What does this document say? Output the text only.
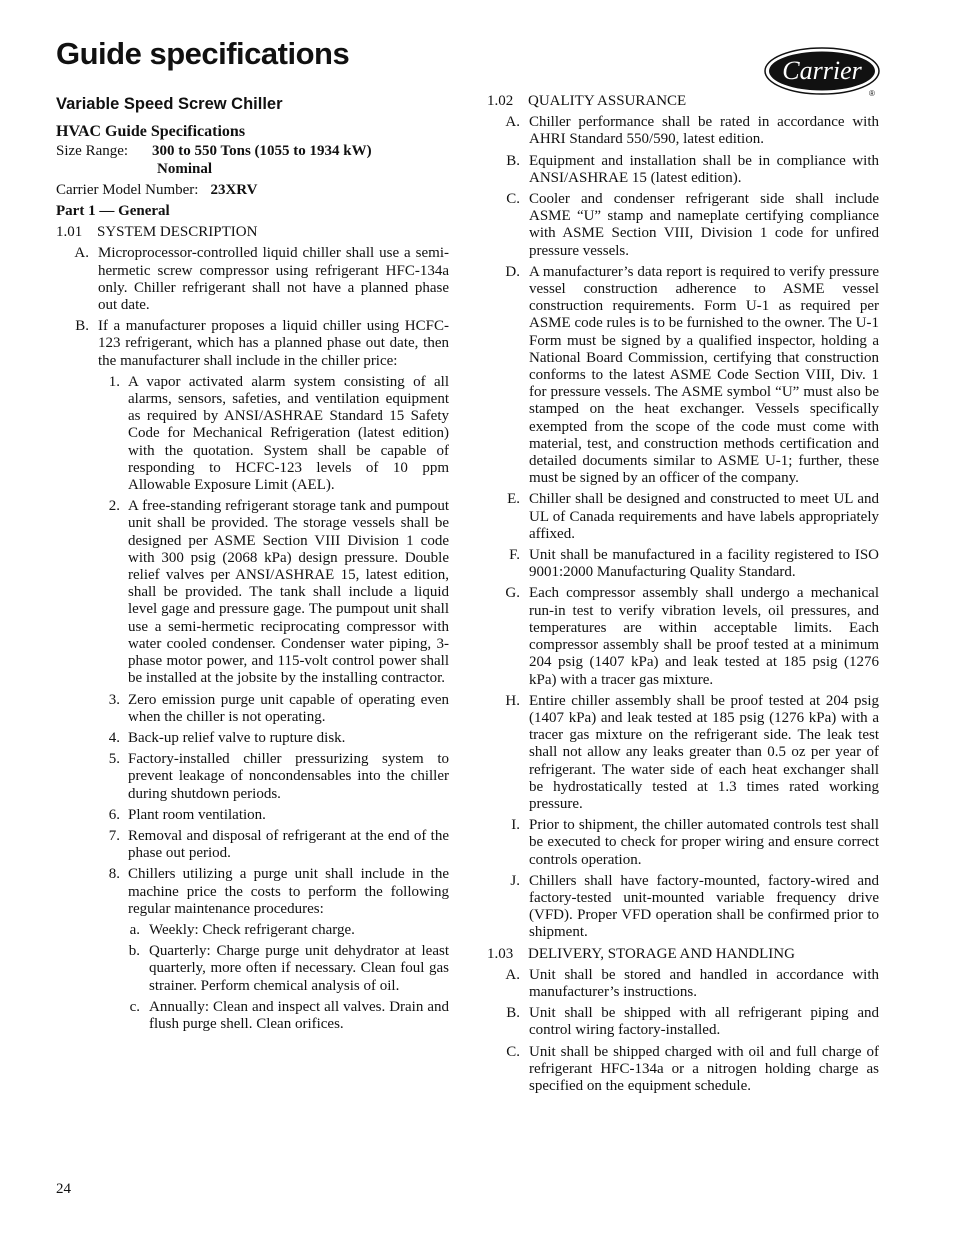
Guide specifications	Carrier
®
Variable Speed Screw Chiller
HVAC Guide Specifications
Size Range:	300 to 550 Tons (1055 to 1934 kW)
Nominal
Carrier Model Number: 23XRV
Part 1 — General
1.01 SYSTEM DESCRIPTION
A. Microprocessor-controlled liquid chiller shall use a semi-hermetic screw compressor using refrigerant HFC-134a only. Chiller refrigerant shall not have a planned phase out date.
B. If a manufacturer proposes a liquid chiller using HCFC-123 refrigerant, which has a planned phase out date, then the manufacturer shall include in the chiller price:
1. A vapor activated alarm system consisting of all alarms, sensors, safeties, and ventilation equipment as required by ANSI/ASHRAE Standard 15 Safety Code for Mechanical Refrigeration (latest edition) with the quotation. System shall be capable of responding to HCFC-123 levels of 10 ppm Allowable Exposure Limit (AEL).
2. A free-standing refrigerant storage tank and pumpout unit shall be provided. The storage vessels shall be designed per ASME Section VIII Division 1 code with 300 psig (2068 kPa) design pressure. Double relief valves per ANSI/ASHRAE 15, latest edition, shall be provided. The tank shall include a liquid level gage and pressure gage. The pumpout unit shall use a semi-hermetic reciprocating compressor with water cooled condenser. Condenser water piping, 3-phase motor power, and 115-volt control power shall be installed at the jobsite by the installing contractor.
3. Zero emission purge unit capable of operating even when the chiller is not operating.
4. Back-up relief valve to rupture disk.
5. Factory-installed chiller pressurizing system to prevent leakage of noncondensables into the chiller during shutdown periods.
6. Plant room ventilation.
7. Removal and disposal of refrigerant at the end of the phase out period.
8. Chillers utilizing a purge unit shall include in the machine price the costs to perform the following regular maintenance procedures:
a. Weekly: Check refrigerant charge.
b. Quarterly: Charge purge unit dehydrator at least quarterly, more often if necessary. Clean foul gas strainer. Perform chemical analysis of oil.
c. Annually: Clean and inspect all valves. Drain and flush purge shell. Clean orifices.
1.02 QUALITY ASSURANCE
A. Chiller performance shall be rated in accordance with AHRI Standard 550/590, latest edition.
B. Equipment and installation shall be in compliance with ANSI/ASHRAE 15 (latest edition).
C. Cooler and condenser refrigerant side shall include ASME “U” stamp and nameplate certifying compliance with ASME Section VIII, Division 1 code for unfired pressure vessels.
D. A manufacturer’s data report is required to verify pressure vessel construction adherence to ASME vessel construction requirements. Form U-1 as required per ASME code rules is to be furnished to the owner. The U-1 Form must be signed by a qualified inspector, holding a National Board Commission, certifying that construction conforms to the latest ASME Code Section VIII, Div. 1 for pressure vessels. The ASME symbol “U” must also be stamped on the heat exchanger. Vessels specifically exempted from the scope of the code must come with material, test, and construction methods certification and detailed documents similar to ASME U-1; further, these must be signed by an officer of the company.
E. Chiller shall be designed and constructed to meet UL and UL of Canada requirements and have labels appropriately affixed.
F. Unit shall be manufactured in a facility registered to ISO 9001:2000 Manufacturing Quality Standard.
G. Each compressor assembly shall undergo a mechanical run-in test to verify vibration levels, oil pressures, and temperatures are within acceptable limits. Each compressor assembly shall be proof tested at a minimum 204 psig (1407 kPa) and leak tested at 185 psig (1276 kPa) with a tracer gas mixture.
H. Entire chiller assembly shall be proof tested at 204 psig (1407 kPa) and leak tested at 185 psig (1276 kPa) with a tracer gas mixture on the refrigerant side. The leak test shall not allow any leaks greater than 0.5 oz per year of refrigerant. The water side of each heat exchanger shall be hydrostatically tested at 1.3 times rated working pressure.
I. Prior to shipment, the chiller automated controls test shall be executed to check for proper wiring and ensure correct controls operation.
J. Chillers shall have factory-mounted, factory-wired and factory-tested unit-mounted variable frequency drive (VFD). Proper VFD operation shall be confirmed prior to shipment.
1.03 DELIVERY, STORAGE AND HANDLING
A. Unit shall be stored and handled in accordance with manufacturer’s instructions.
B. Unit shall be shipped with all refrigerant piping and control wiring factory-installed.
C. Unit shall be shipped charged with oil and full charge of refrigerant HFC-134a or a nitrogen holding charge as specified on the equipment schedule.
24
